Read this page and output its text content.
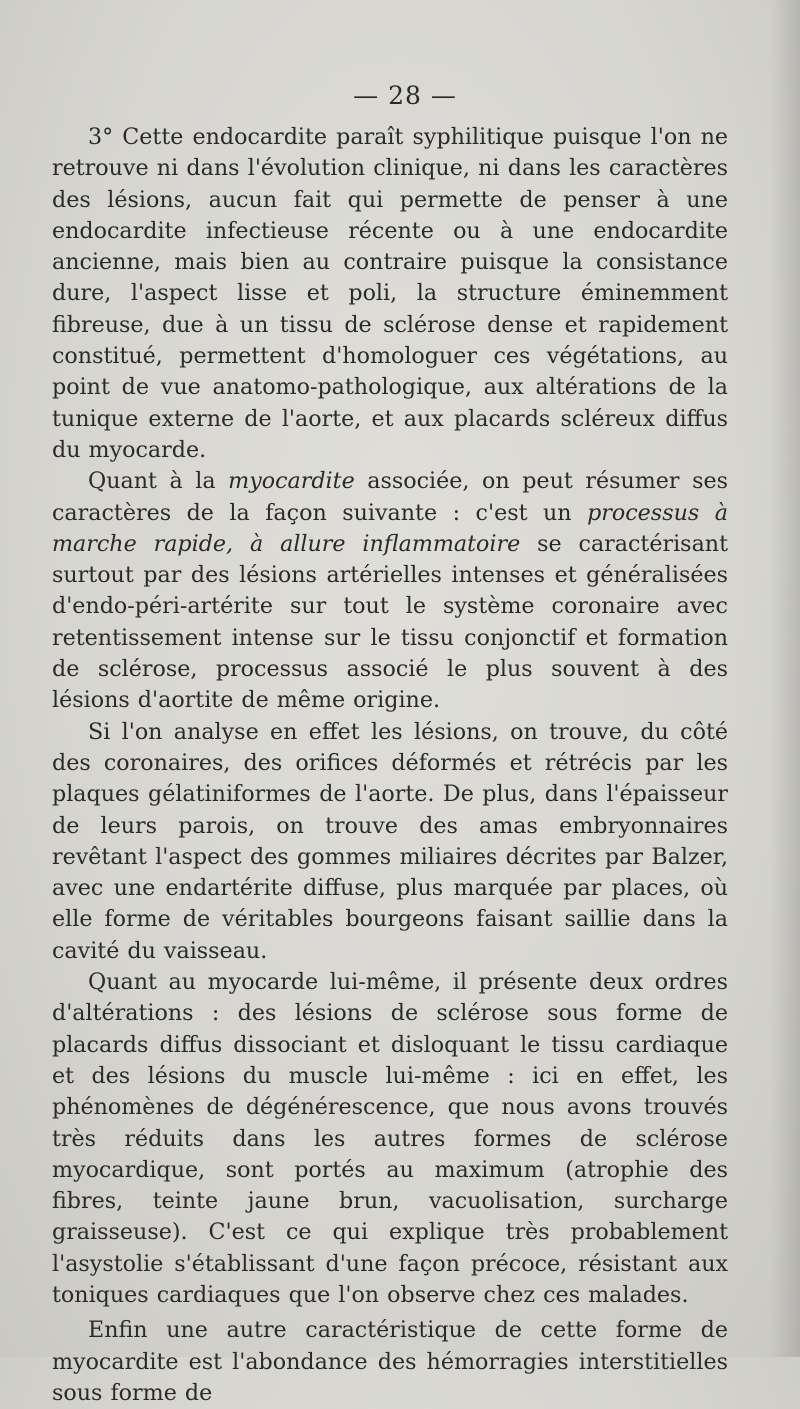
— 28 —

3° Cette endocardite paraît syphilitique puisque l'on ne retrouve ni dans l'évolution clinique, ni dans les caractères des lésions, aucun fait qui permette de penser à une endocardite infectieuse récente ou à une endocardite ancienne, mais bien au contraire puisque la consistance dure, l'aspect lisse et poli, la structure éminemment fibreuse, due à un tissu de sclérose dense et rapidement constitué, permettent d'homologuer ces végétations, au point de vue anatomo-pathologique, aux altérations de la tunique externe de l'aorte, et aux placards scléreux diffus du myocarde.

Quant à la myocardite associée, on peut résumer ses caractères de la façon suivante : c'est un processus à marche rapide, à allure inflammatoire se caractérisant surtout par des lésions artérielles intenses et généralisées d'endo-péri-artérite sur tout le système coronaire avec retentissement intense sur le tissu conjonctif et formation de sclérose, processus associé le plus souvent à des lésions d'aortite de même origine.

Si l'on analyse en effet les lésions, on trouve, du côté des coronaires, des orifices déformés et rétrécis par les plaques gélatiniformes de l'aorte. De plus, dans l'épaisseur de leurs parois, on trouve des amas embryonnaires revêtant l'aspect des gommes miliaires décrites par Balzer, avec une endartérite diffuse, plus marquée par places, où elle forme de véritables bourgeons faisant saillie dans la cavité du vaisseau.

Quant au myocarde lui-même, il présente deux ordres d'altérations : des lésions de sclérose sous forme de placards diffus dissociant et disloquant le tissu cardiaque et des lésions du muscle lui-même : ici en effet, les phénomènes de dégénérescence, que nous avons trouvés très réduits dans les autres formes de sclérose myocardique, sont portés au maximum (atrophie des fibres, teinte jaune brun, vacuolisation, surcharge graisseuse). C'est ce qui explique très probablement l'asystolie s'établissant d'une façon précoce, résistant aux toniques cardiaques que l'on observe chez ces malades.

Enfin une autre caractéristique de cette forme de myocardite est l'abondance des hémorragies interstitielles sous forme de
